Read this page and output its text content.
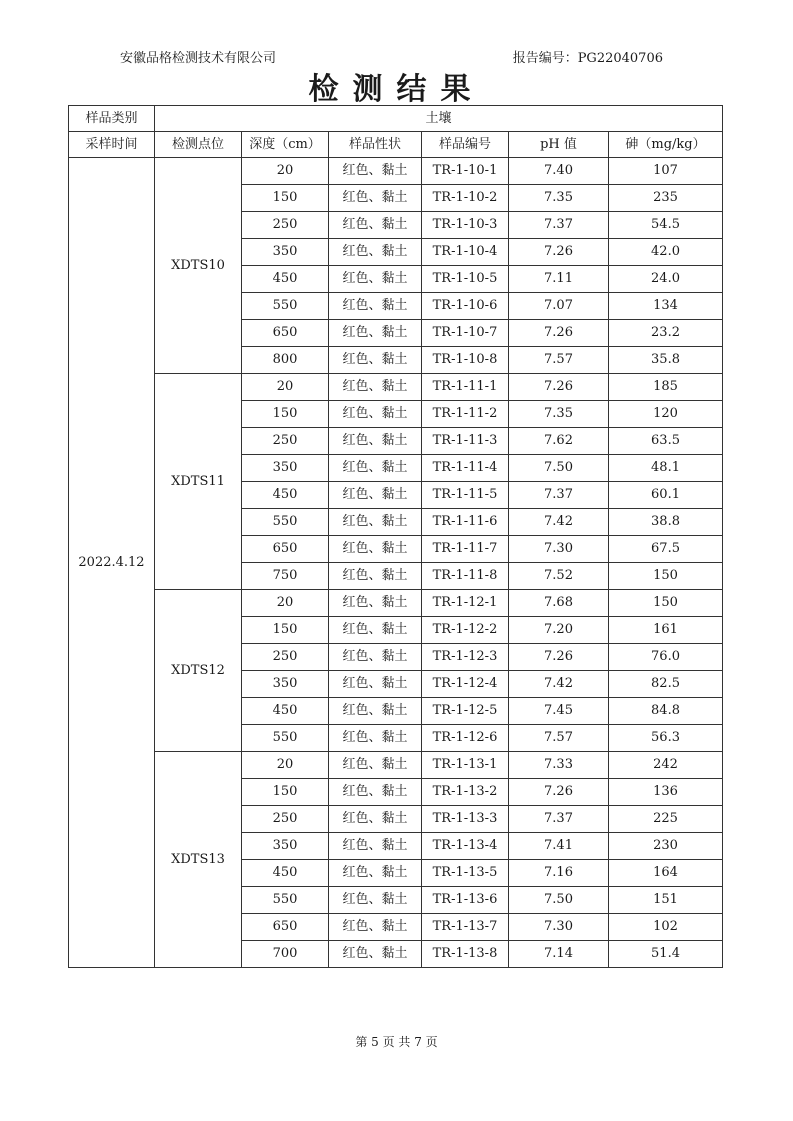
安徽品格检测技术有限公司	报告编号：PG22040706
检测结果
样品类别	土壤					
采样时间	检测点位	深度（cm）	样品性状	样品编号	pH 值	砷（mg/kg）
2022.4.12	XDTS10	20	红色、黏土	TR-1-10-1	7.40	107
		150	红色、黏土	TR-1-10-2	7.35	235
		250	红色、黏土	TR-1-10-3	7.37	54.5
		350	红色、黏土	TR-1-10-4	7.26	42.0
		450	红色、黏土	TR-1-10-5	7.11	24.0
		550	红色、黏土	TR-1-10-6	7.07	134
		650	红色、黏土	TR-1-10-7	7.26	23.2
		800	红色、黏土	TR-1-10-8	7.57	35.8
	XDTS11	20	红色、黏土	TR-1-11-1	7.26	185
		150	红色、黏土	TR-1-11-2	7.35	120
		250	红色、黏土	TR-1-11-3	7.62	63.5
		350	红色、黏土	TR-1-11-4	7.50	48.1
		450	红色、黏土	TR-1-11-5	7.37	60.1
		550	红色、黏土	TR-1-11-6	7.42	38.8
		650	红色、黏土	TR-1-11-7	7.30	67.5
		750	红色、黏土	TR-1-11-8	7.52	150
	XDTS12	20	红色、黏土	TR-1-12-1	7.68	150
		150	红色、黏土	TR-1-12-2	7.20	161
		250	红色、黏土	TR-1-12-3	7.26	76.0
		350	红色、黏土	TR-1-12-4	7.42	82.5
		450	红色、黏土	TR-1-12-5	7.45	84.8
		550	红色、黏土	TR-1-12-6	7.57	56.3
	XDTS13	20	红色、黏土	TR-1-13-1	7.33	242
		150	红色、黏土	TR-1-13-2	7.26	136
		250	红色、黏土	TR-1-13-3	7.37	225
		350	红色、黏土	TR-1-13-4	7.41	230
		450	红色、黏土	TR-1-13-5	7.16	164
		550	红色、黏土	TR-1-13-6	7.50	151
		650	红色、黏土	TR-1-13-7	7.30	102
		700	红色、黏土	TR-1-13-8	7.14	51.4
第 5 页 共 7 页
